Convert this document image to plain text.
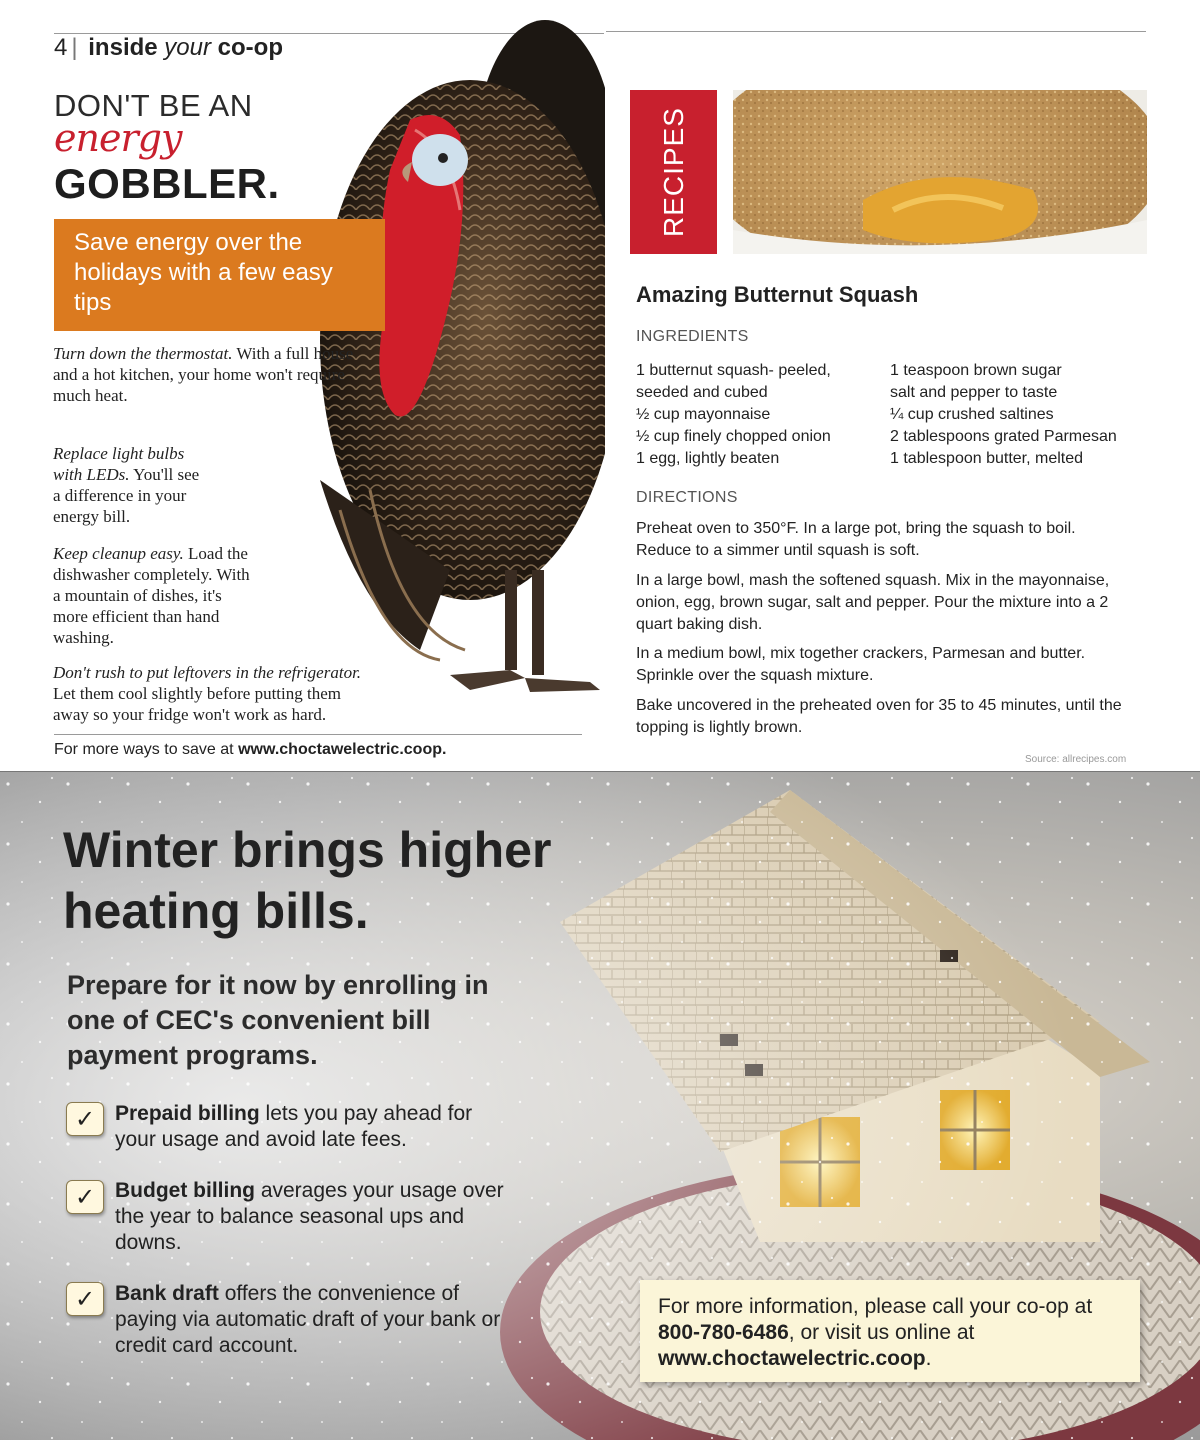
4 | inside your co-op
DON'T BE AN
energy
GOBBLER.
Save energy over the holidays with a few easy tips
Turn down the thermostat. With a full house and a hot kitchen, your home won't require much heat.
Replace light bulbs with LEDs. You'll see a difference in your energy bill.
Keep cleanup easy. Load the dishwasher completely. With a mountain of dishes, it's more efficient than hand washing.
Don't rush to put leftovers in the refrigerator. Let them cool slightly before putting them away so your fridge won't work as hard.
For more ways to save at www.choctawelectric.coop.
RECIPES
Amazing Butternut Squash
INGREDIENTS
1 butternut squash- peeled,
seeded and cubed
½ cup mayonnaise
½ cup finely chopped onion
1 egg, lightly beaten
1 teaspoon brown sugar
salt and pepper to taste
¼ cup crushed saltines
2 tablespoons grated Parmesan
1 tablespoon butter, melted
DIRECTIONS
Preheat oven to 350°F. In a large pot, bring the squash to boil. Reduce to a simmer until squash is soft.
In a large bowl, mash the softened squash. Mix in the mayonnaise, onion, egg, brown sugar, salt and pepper. Pour the mixture into a 2 quart baking dish.
In a medium bowl, mix together crackers, Parmesan and butter. Sprinkle over the squash mixture.
Bake uncovered in the preheated oven for 35 to 45 minutes, until the topping is lightly brown.
Source: allrecipes.com
Winter brings higher heating bills.
Prepare for it now by enrolling in one of CEC's convenient bill payment programs.
✓ Prepaid billing lets you pay ahead for your usage and avoid late fees.
✓ Budget billing averages your usage over the year to balance seasonal ups and downs.
✓ Bank draft offers the convenience of paying via automatic draft of your bank or credit card account.
For more information, please call your co-op at 800-780-6486, or visit us online at www.choctawelectric.coop.
